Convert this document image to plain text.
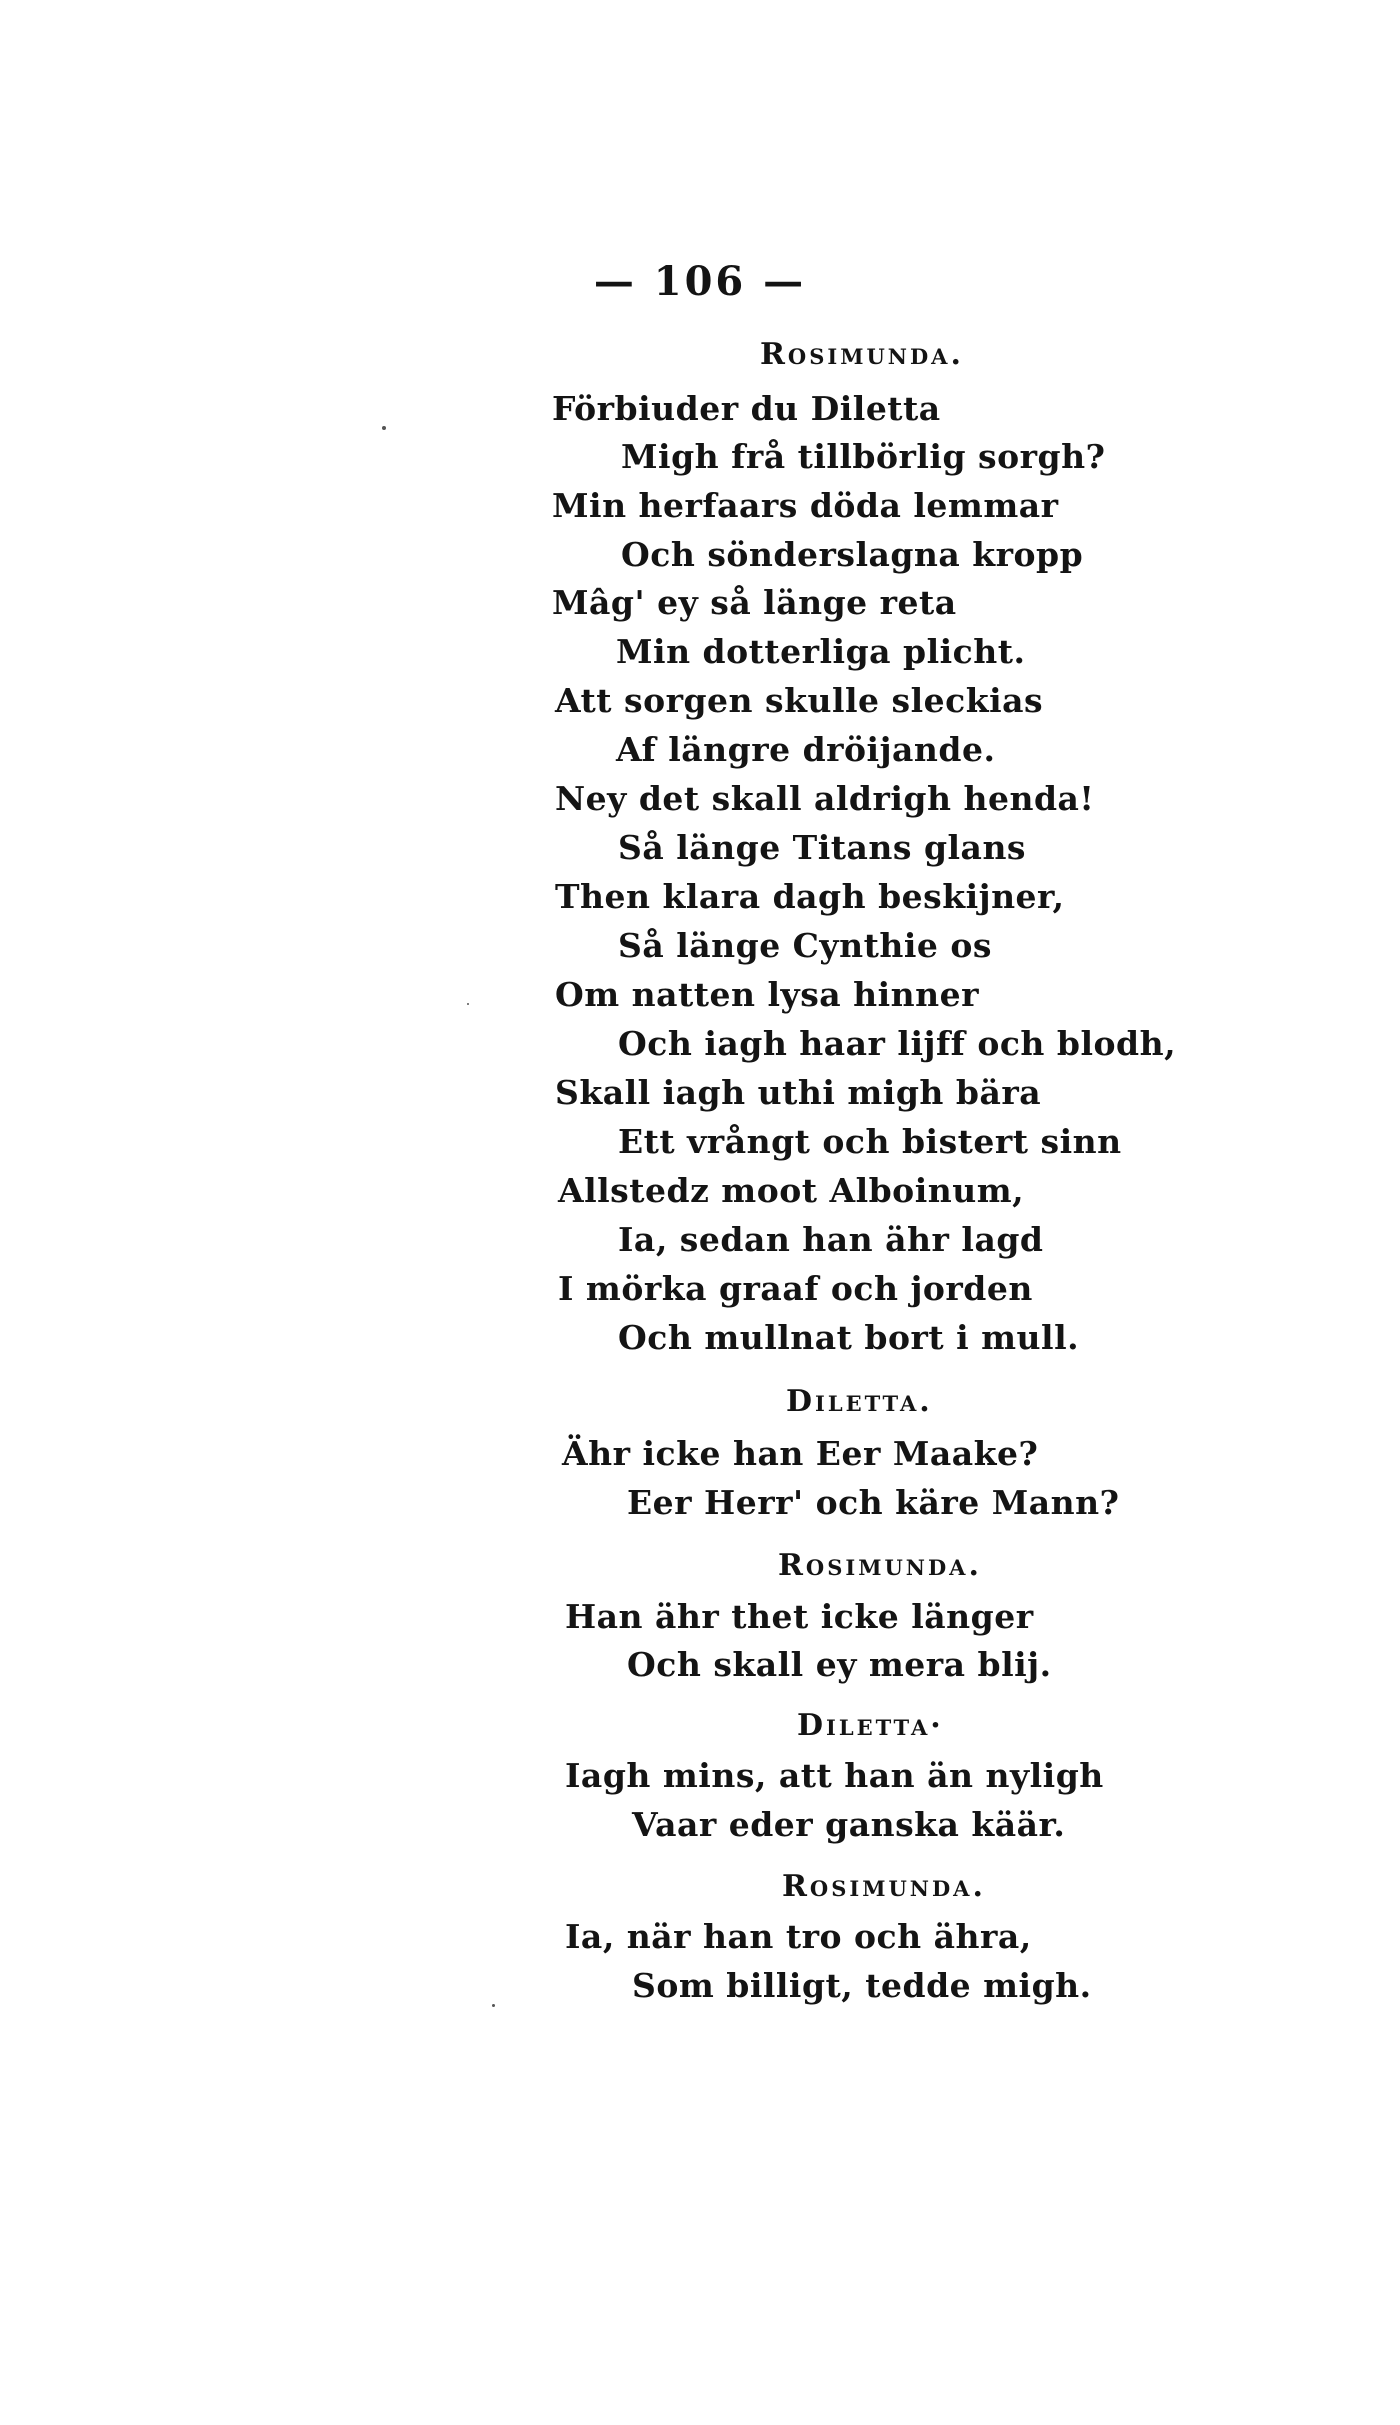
— 106 —
Rosimunda.
Förbiuder du Diletta
Migh frå tillbörlig sorgh?
Min herfaars döda lemmar
Och sönderslagna kropp
Mâg' ey så länge reta
Min dotterliga plicht.
Att sorgen skulle sleckias
Af längre dröijande.
Ney det skall aldrigh henda!
Så länge Titans glans
Then klara dagh beskijner,
Så länge Cynthie os
Om natten lysa hinner
Och iagh haar lijff och blodh,
Skall iagh uthi migh bära
Ett vrångt och bistert sinn
Allstedz moot Alboinum,
Ia, sedan han ähr lagd
I mörka graaf och jorden
Och mullnat bort i mull.
Diletta.
Ähr icke han Eer Maake?
Eer Herr' och käre Mann?
Rosimunda.
Han ähr thet icke länger
Och skall ey mera blij.
Diletta·
Iagh mins, att han än nyligh
Vaar eder ganska käär.
Rosimunda.
Ia, när han tro och ähra,
Som billigt, tedde migh.
